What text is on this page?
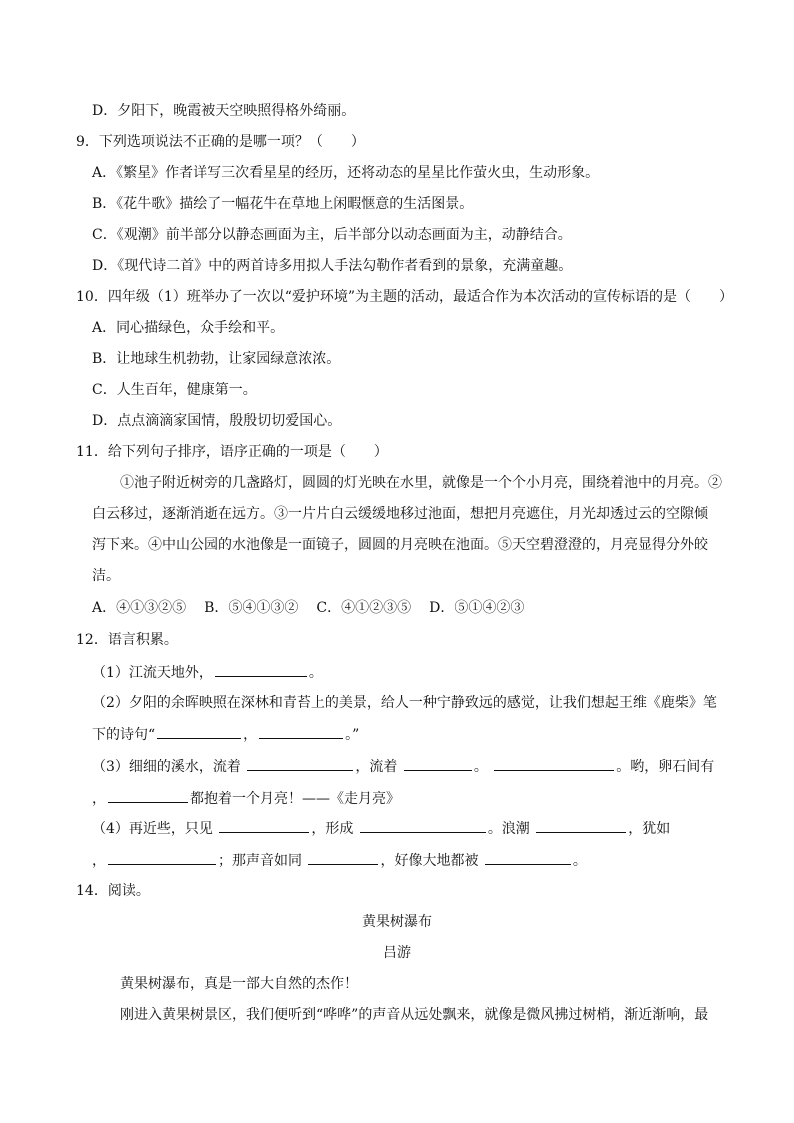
D．夕阳下，晚霞被天空映照得格外绮丽。
9．下列选项说法不正确的是哪一项？（　　）
A．《繁星》作者详写三次看星星的经历，还将动态的星星比作萤火虫，生动形象。
B．《花牛歌》描绘了一幅花牛在草地上闲暇惬意的生活图景。
C．《观潮》前半部分以静态画面为主，后半部分以动态画面为主，动静结合。
D．《现代诗二首》中的两首诗多用拟人手法勾勒作者看到的景象，充满童趣。
10．四年级（1）班举办了一次以“爱护环境”为主题的活动，最适合作为本次活动的宣传标语的是（　　）
A．同心描绿色，众手绘和平。
B．让地球生机勃勃，让家园绿意浓浓。
C．人生百年，健康第一。
D．点点滴滴家国情，殷殷切切爱国心。
11．给下列句子排序，语序正确的一项是（　　）
①池子附近树旁的几盏路灯，圆圆的灯光映在水里，就像是一个个小月亮，围绕着池中的月亮。②
白云移过，逐渐消逝在远方。③一片片白云缓缓地移过池面，想把月亮遮住，月光却透过云的空隙倾
泻下来。④中山公园的水池像是一面镜子，圆圆的月亮映在池面。⑤天空碧澄澄的，月亮显得分外皎
洁。
A．④①③②⑤ B．⑤④①③② C．④①②③⑤ D．⑤①④②③
12．语言积累。
（1）江流天地外，	。
（2）夕阳的余晖映照在深林和青苔上的美景，给人一种宁静致远的感觉，让我们想起王维《鹿柴》笔
下的诗句“	，	。”
（3）细细的溪水，流着	，流着	。	。哟，卵石间有
，	都抱着一个月亮！——《走月亮》
（4）再近些，只见	，形成	。浪潮	，犹如
，	；那声音如同	，好像大地都被	。
14．阅读。
黄果树瀑布
吕游
黄果树瀑布，真是一部大自然的杰作！
刚进入黄果树景区，我们便听到“哗哗”的声音从远处飘来，就像是微风拂过树梢，渐近渐响，最
